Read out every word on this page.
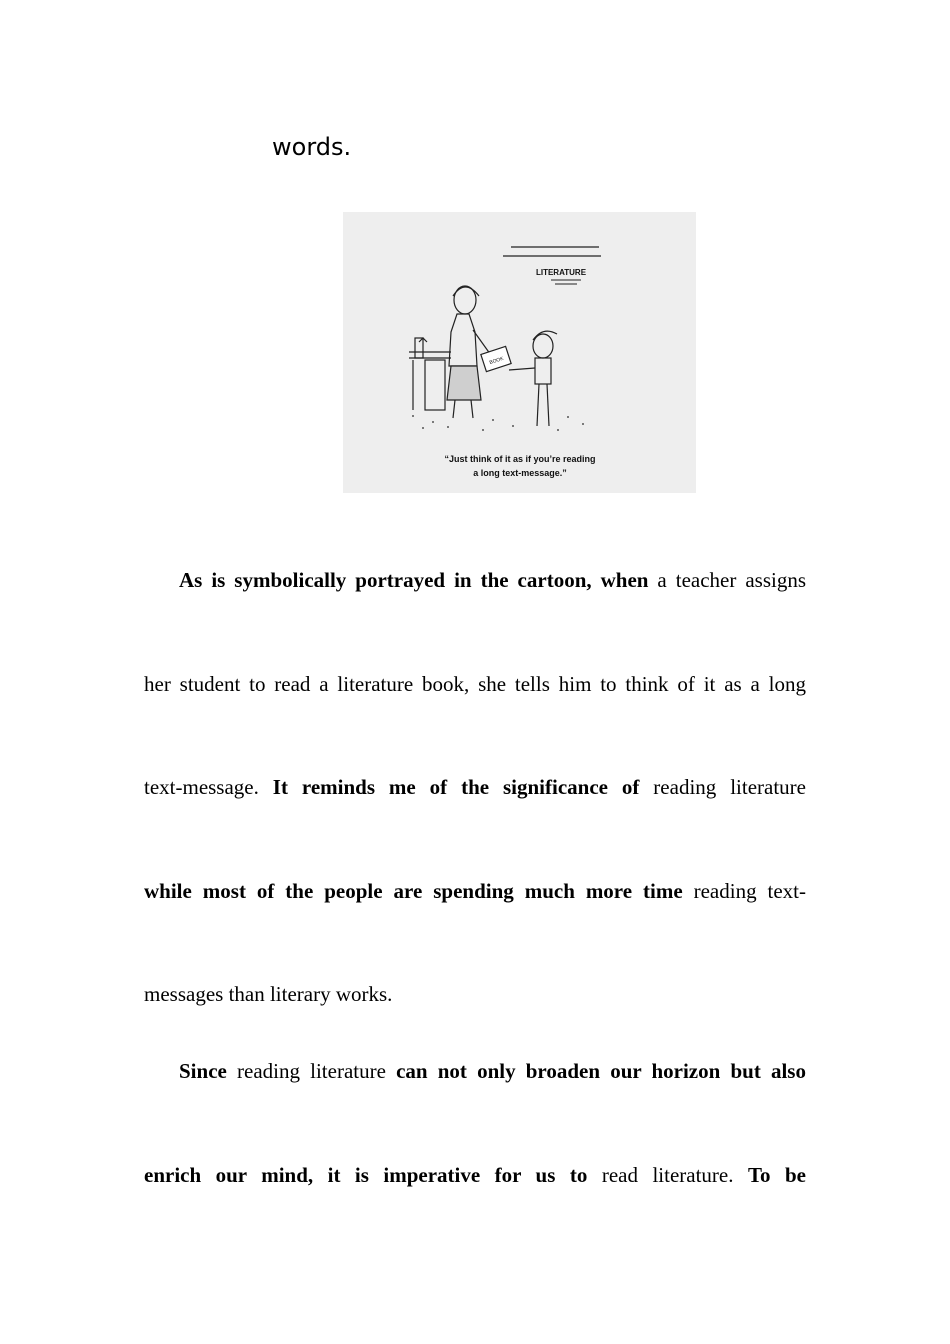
words.

LITERATURE
BOOK
“Just think of it as if you’re reading
a long text-message.”
As is symbolically portrayed in the cartoon, when a teacher assigns
her student to read a literature book, she tells him to think of it as a long
text-message. It reminds me of the significance of reading literature
while most of the people are spending much more time reading text-
messages than literary works.
Since reading literature can not only broaden our horizon but also
enrich our mind, it is imperative for us to read literature. To be
